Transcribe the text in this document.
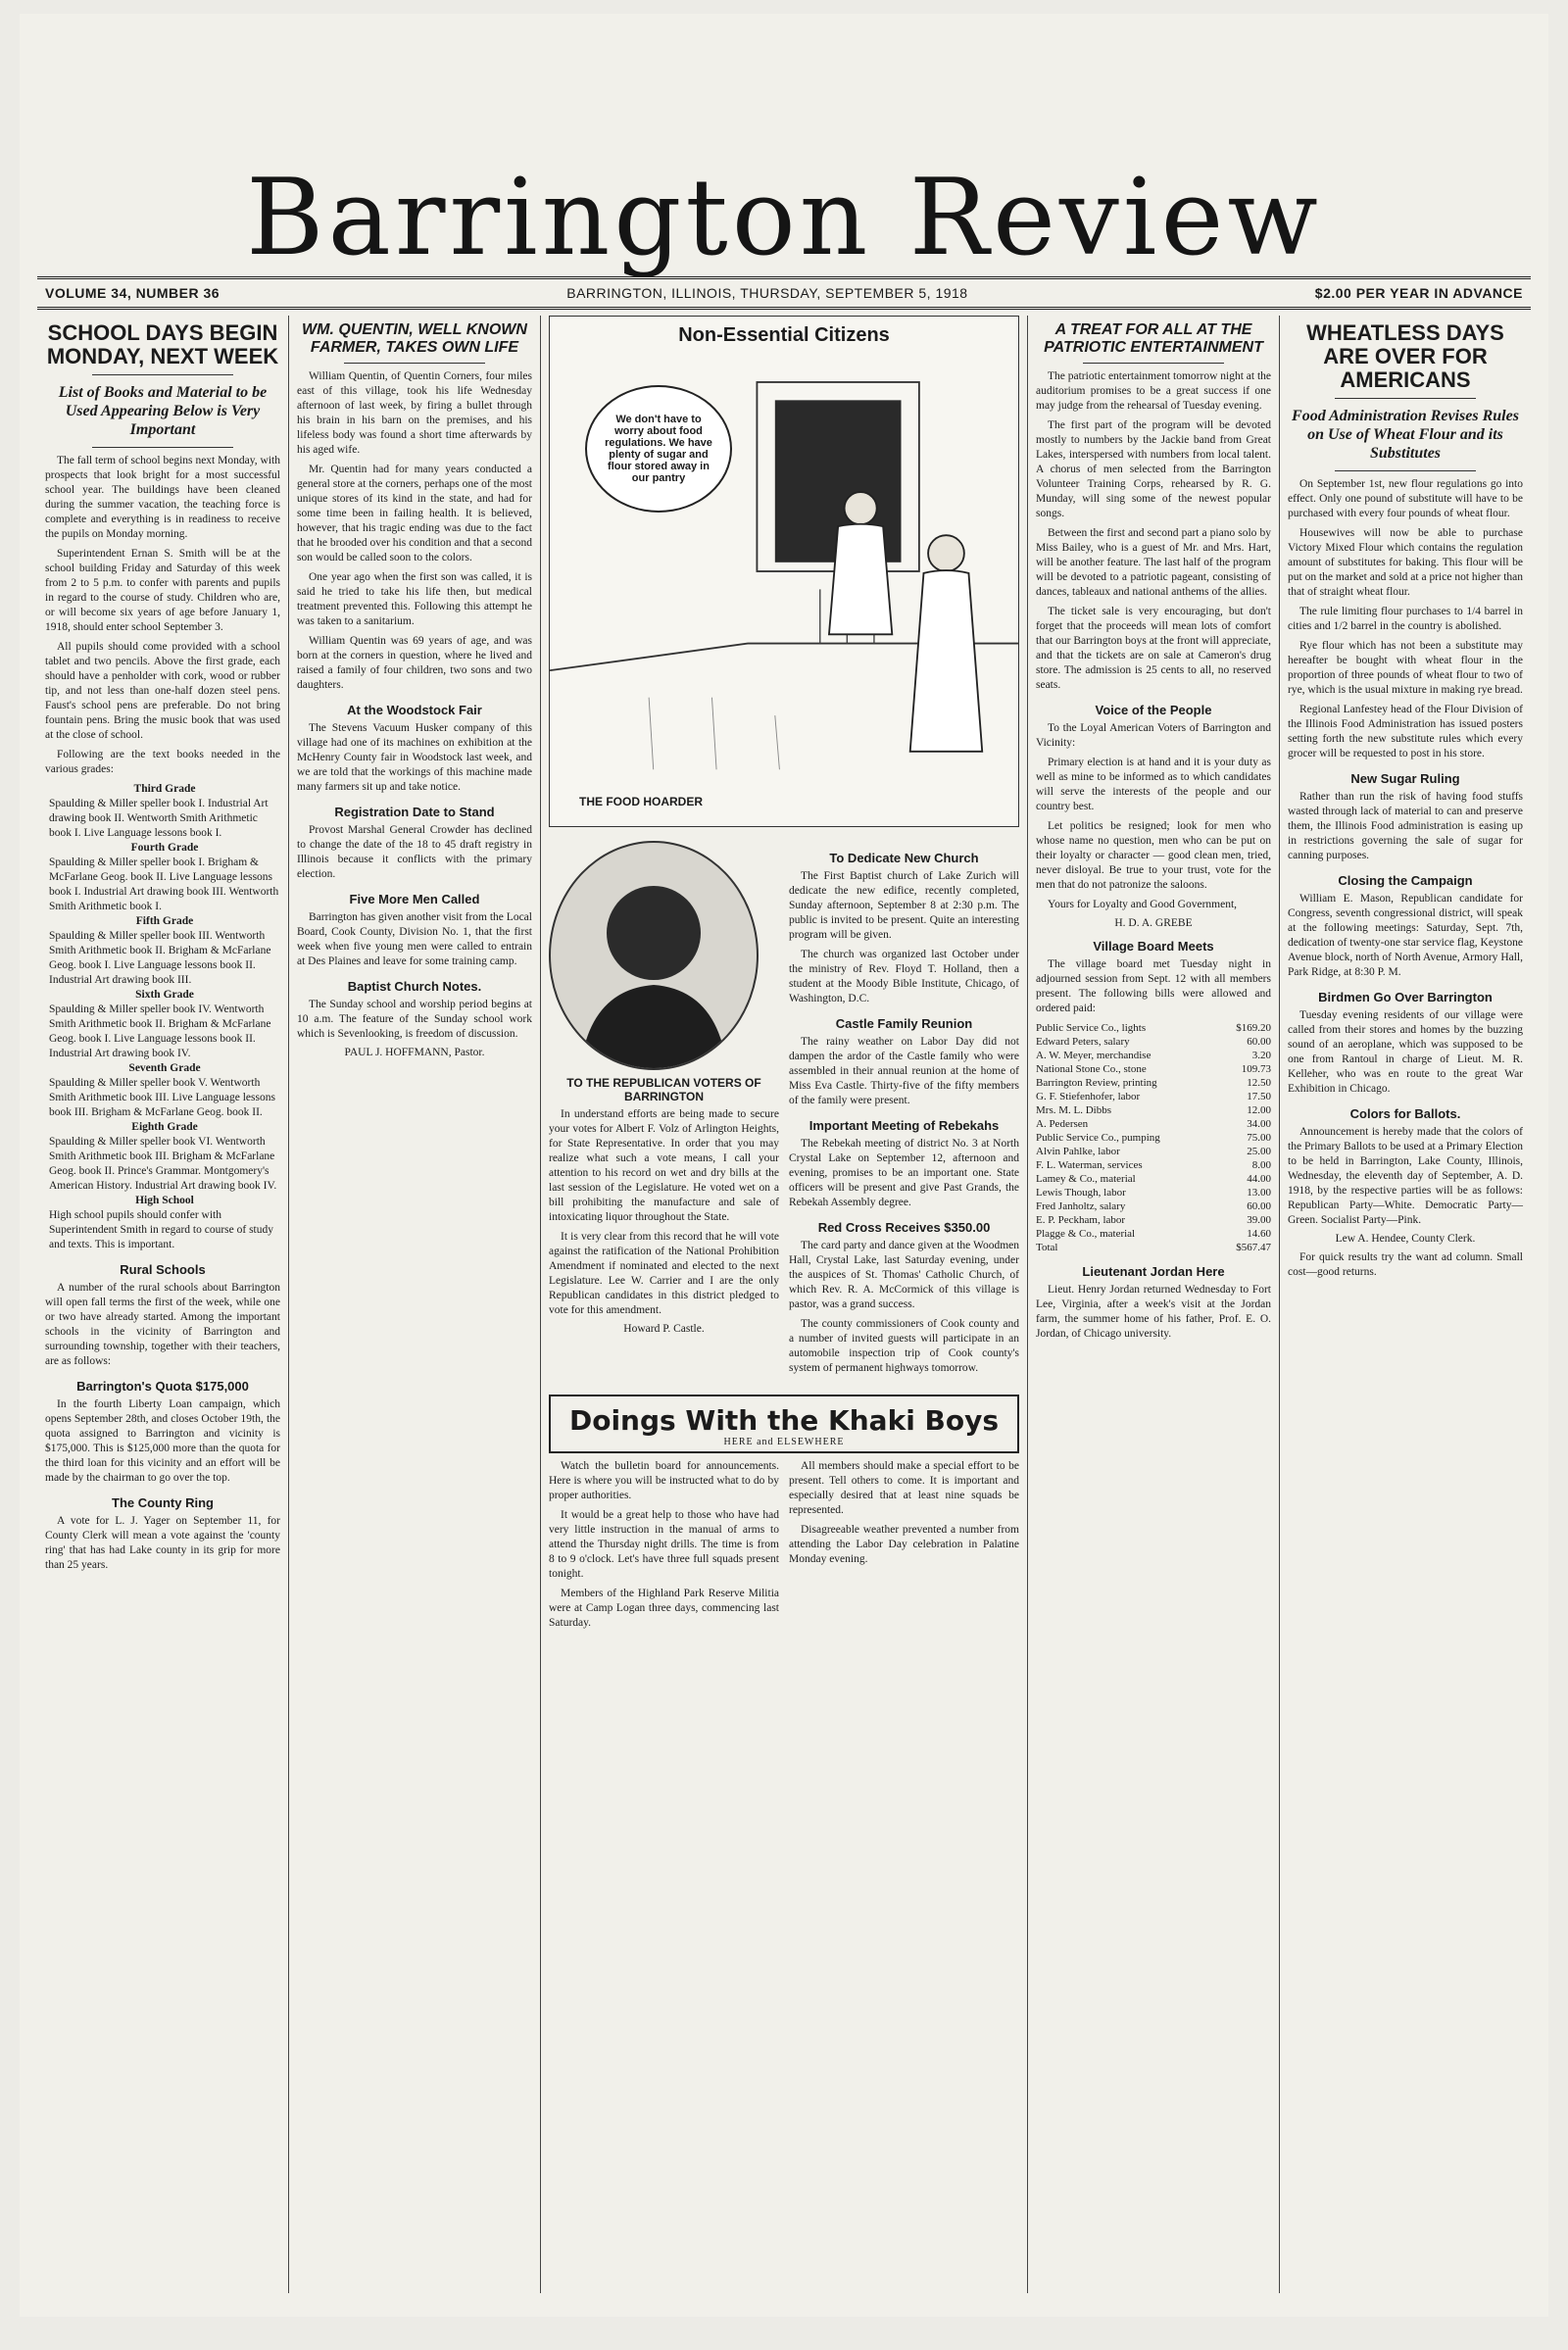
Barrington Review
VOLUME 34, NUMBER 36	BARRINGTON, ILLINOIS, THURSDAY, SEPTEMBER 5, 1918	$2.00 PER YEAR IN ADVANCE
SCHOOL DAYS BEGIN MONDAY, NEXT WEEK
List of Books and Material to be Used Appearing Below is Very Important

The fall term of school begins next Monday, with prospects that look bright for a most successful school year. The buildings have been cleaned during the summer vacation, the teaching force is complete and everything is in readiness to receive the pupils on Monday morning.

Superintendent Ernan S. Smith will be at the school building Friday and Saturday of this week from 2 to 5 p.m. to confer with parents and pupils in regard to the course of study. Children who are, or will become six years of age before January 1, 1918, should enter school September 3.

All pupils should come provided with a school tablet and two pencils. Above the first grade, each should have a penholder with cork, wood or rubber tip, and not less than one-half dozen steel pens. Faust's school pens are preferable. Do not bring fountain pens. Bring the music book that was used at the close of school.

Following are the text books needed in the various grades:

Third Grade
Spaulding & Miller speller book I. Industrial Art drawing book II. Wentworth Smith Arithmetic book I. Live Language lessons book I.
Fourth Grade
Spaulding & Miller speller book I. Brigham & McFarlane Geog. book II. Live Language lessons book I. Industrial Art drawing book III. Wentworth Smith Arithmetic book I.
Fifth Grade
Spaulding & Miller speller book III. Wentworth Smith Arithmetic book II. Brigham & McFarlane Geog. book I. Live Language lessons book II. Industrial Art drawing book III.
Sixth Grade
Spaulding & Miller speller book IV. Wentworth Smith Arithmetic book II. Brigham & McFarlane Geog. book I. Live Language lessons book II. Industrial Art drawing book IV.
Seventh Grade
Spaulding & Miller speller book V. Wentworth Smith Arithmetic book III. Live Language lessons book III. Brigham & McFarlane Geog. book II.
Eighth Grade
Spaulding & Miller speller book VI. Wentworth Smith Arithmetic book III. Brigham & McFarlane Geog. book II. Prince's Grammar. Montgomery's American History. Industrial Art drawing book IV.
High School
High school pupils should confer with Superintendent Smith in regard to course of study and texts. This is important.
Rural Schools

A number of the rural schools about Barrington will open fall terms the first of the week, while one or two have already started. Among the important schools in the vicinity of Barrington and surrounding township, together with their teachers, are as follows:

Barrington's Quota $175,000

In the fourth Liberty Loan campaign, which opens September 28th, and closes October 19th, the quota assigned to Barrington and vicinity is $175,000. This is $125,000 more than the quota for the third loan for this vicinity and an effort will be made by the chairman to go over the top.

The County Ring

A vote for L. J. Yager on September 11, for County Clerk will mean a vote against the 'county ring' that has had Lake county in its grip for more than 25 years.

WM. QUENTIN, WELL KNOWN FARMER, TAKES OWN LIFE

William Quentin, of Quentin Corners, four miles east of this village, took his life Wednesday afternoon of last week, by firing a bullet through his brain in his barn on the premises, and his lifeless body was found a short time afterwards by his aged wife.

Mr. Quentin had for many years conducted a general store at the corners, perhaps one of the most unique stores of its kind in the state, and had for some time been in failing health. It is believed, however, that his tragic ending was due to the fact that he brooded over his condition and that a second son would be called soon to the colors.

One year ago when the first son was called, it is said he tried to take his life then, but medical treatment prevented this. Following this attempt he was taken to a sanitarium.

William Quentin was 69 years of age, and was born at the corners in question, where he lived and raised a family of four children, two sons and two daughters.

At the Woodstock Fair

The Stevens Vacuum Husker company of this village had one of its machines on exhibition at the McHenry County fair in Woodstock last week, and we are told that the workings of this machine made many farmers sit up and take notice.

Registration Date to Stand

Provost Marshal General Crowder has declined to change the date of the 18 to 45 draft registry in Illinois because it conflicts with the primary election.

Five More Men Called

Barrington has given another visit from the Local Board, Cook County, Division No. 1, that the first week when five young men were called to entrain at Des Plaines and leave for some training camp.

Baptist Church Notes.

The Sunday school and worship period begins at 10 a.m. The feature of the Sunday school work which is Sevenlooking, is freedom of discussion.

PAUL J. HOFFMANN, Pastor.
Non-Essential Citizens
We don't have to worry about food regulations. We have plenty of sugar and flour stored away in our pantry
THE FOOD HOARDER
TO THE REPUBLICAN VOTERS OF BARRINGTON

In understand efforts are being made to secure your votes for Albert F. Volz of Arlington Heights, for State Representative. In order that you may realize what such a vote means, I call your attention to his record on wet and dry bills at the last session of the Legislature. He voted wet on a bill prohibiting the manufacture and sale of intoxicating liquor throughout the State.

It is very clear from this record that he will vote against the ratification of the National Prohibition Amendment if nominated and elected to the next Legislature. Lee W. Carrier and I are the only Republican candidates in this district pledged to vote for this amendment.

Howard P. Castle.
To Dedicate New Church

The First Baptist church of Lake Zurich will dedicate the new edifice, recently completed, Sunday afternoon, September 8 at 2:30 p.m. The public is invited to be present. Quite an interesting program will be given.

The church was organized last October under the ministry of Rev. Floyd T. Holland, then a student at the Moody Bible Institute, Chicago, of Washington, D.C.

Castle Family Reunion

The rainy weather on Labor Day did not dampen the ardor of the Castle family who were assembled in their annual reunion at the home of Miss Eva Castle. Thirty-five of the fifty members of the family were present.

Important Meeting of Rebekahs

The Rebekah meeting of district No. 3 at North Crystal Lake on September 12, afternoon and evening, promises to be an important one. State officers will be present and give Past Grands, the Rebekah Assembly degree.

Red Cross Receives $350.00

The card party and dance given at the Woodmen Hall, Crystal Lake, last Saturday evening, under the auspices of St. Thomas' Catholic Church, of which Rev. R. A. McCormick of this village is pastor, was a grand success.

The county commissioners of Cook county and a number of invited guests will participate in an automobile inspection trip of Cook county's system of permanent highways tomorrow.

Doings With the Khaki Boys
HERE and ELSEWHERE

Watch the bulletin board for announcements. Here is where you will be instructed what to do by proper authorities.

It would be a great help to those who have had very little instruction in the manual of arms to attend the Thursday night drills. The time is from 8 to 9 o'clock. Let's have three full squads present tonight.

Members of the Highland Park Reserve Militia were at Camp Logan three days, commencing last Saturday.

All members should make a special effort to be present. Tell others to come. It is important and especially desired that at least nine squads be represented.

Disagreeable weather prevented a number from attending the Labor Day celebration in Palatine Monday evening.

A TREAT FOR ALL AT THE PATRIOTIC ENTERTAINMENT

The patriotic entertainment tomorrow night at the auditorium promises to be a great success if one may judge from the rehearsal of Tuesday evening.

The first part of the program will be devoted mostly to numbers by the Jackie band from Great Lakes, interspersed with numbers from local talent. A chorus of men selected from the Barrington Volunteer Training Corps, rehearsed by R. G. Munday, will sing some of the newest popular songs.

Between the first and second part a piano solo by Miss Bailey, who is a guest of Mr. and Mrs. Hart, will be another feature. The last half of the program will be devoted to a patriotic pageant, consisting of dances, tableaux and national anthems of the allies.

The ticket sale is very encouraging, but don't forget that the proceeds will mean lots of comfort that our Barrington boys at the front will appreciate, and that the tickets are on sale at Cameron's drug store. The admission is 25 cents to all, no reserved seats.

Voice of the People

To the Loyal American Voters of Barrington and Vicinity:

Primary election is at hand and it is your duty as well as mine to be informed as to which candidates will serve the interests of the people and our country best.

Let politics be resigned; look for men who whose name no question, men who can be put on their loyalty or character — good clean men, tried, never disloyal. Be true to your trust, vote for the men that do not patronize the saloons.

Yours for Loyalty and Good Government,

H. D. A. GREBE
Village Board Meets

The village board met Tuesday night in adjourned session from Sept. 12 with all members present. The following bills were allowed and ordered paid:

Public Service Co., lights	$169.20
Edward Peters, salary	60.00
A. W. Meyer, merchandise	3.20
National Stone Co., stone	109.73
Barrington Review, printing	12.50
G. F. Stiefenhofer, labor	17.50
Mrs. M. L. Dibbs	12.00
A. Pedersen	34.00
Public Service Co., pumping	75.00
Alvin Pahlke, labor	25.00
F. L. Waterman, services	8.00
Lamey & Co., material	44.00
Lewis Though, labor	13.00
Fred Janholtz, salary	60.00
E. P. Peckham, labor	39.00
Plagge & Co., material	14.60
Total	$567.47
Lieutenant Jordan Here

Lieut. Henry Jordan returned Wednesday to Fort Lee, Virginia, after a week's visit at the Jordan farm, the summer home of his father, Prof. E. O. Jordan, of Chicago university.

WHEATLESS DAYS ARE OVER FOR AMERICANS
Food Administration Revises Rules on Use of Wheat Flour and its Substitutes

On September 1st, new flour regulations go into effect. Only one pound of substitute will have to be purchased with every four pounds of wheat flour.

Housewives will now be able to purchase Victory Mixed Flour which contains the regulation amount of substitutes for baking. This flour will be put on the market and sold at a price not higher than that of straight wheat flour.

The rule limiting flour purchases to 1/4 barrel in cities and 1/2 barrel in the country is abolished.

Rye flour which has not been a substitute may hereafter be bought with wheat flour in the proportion of three pounds of wheat flour to two of rye, which is the usual mixture in making rye bread.

Regional Lanfestey head of the Flour Division of the Illinois Food Administration has issued posters setting forth the new substitute rules which every grocer will be requested to post in his store.

New Sugar Ruling

Rather than run the risk of having food stuffs wasted through lack of material to can and preserve them, the Illinois Food administration is easing up in restrictions governing the sale of sugar for canning purposes.

Closing the Campaign

William E. Mason, Republican candidate for Congress, seventh congressional district, will speak at the following meetings: Saturday, Sept. 7th, dedication of twenty-one star service flag, Keystone Avenue block, north of North Avenue, Armory Hall, Park Ridge, at 8:30 P. M.

Birdmen Go Over Barrington

Tuesday evening residents of our village were called from their stores and homes by the buzzing sound of an aeroplane, which was supposed to be one from Rantoul in charge of Lieut. M. R. Kelleher, who was en route to the great War Exhibition in Chicago.

Colors for Ballots.

Announcement is hereby made that the colors of the Primary Ballots to be used at a Primary Election to be held in Barrington, Lake County, Illinois, Wednesday, the eleventh day of September, A. D. 1918, by the respective parties will be as follows: Republican Party—White. Democratic Party—Green. Socialist Party—Pink.

Lew A. Hendee, County Clerk.

For quick results try the want ad column. Small cost—good returns.
